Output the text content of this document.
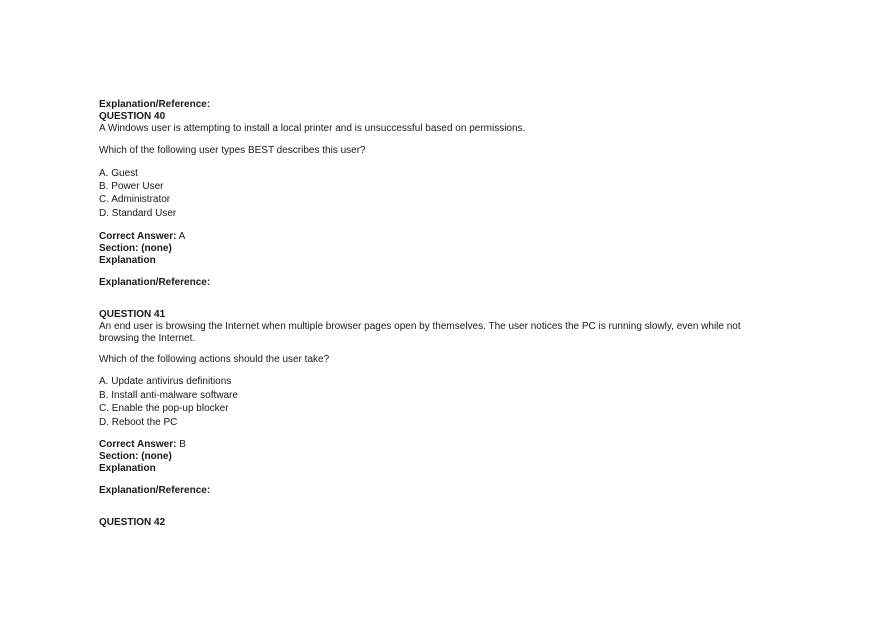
Explanation/Reference:
QUESTION 40
A Windows user is attempting to install a local printer and is unsuccessful based on permissions.
Which of the following user types BEST describes this user?
A. Guest
B. Power User
C. Administrator
D. Standard User
Correct Answer: A
Section: (none)
Explanation
Explanation/Reference:
QUESTION 41
An end user is browsing the Internet when multiple browser pages open by themselves. The user notices the PC is running slowly, even while not browsing the Internet.
Which of the following actions should the user take?
A. Update antivirus definitions
B. Install anti-malware software
C. Enable the pop-up blocker
D. Reboot the PC
Correct Answer: B
Section: (none)
Explanation
Explanation/Reference:
QUESTION 42
